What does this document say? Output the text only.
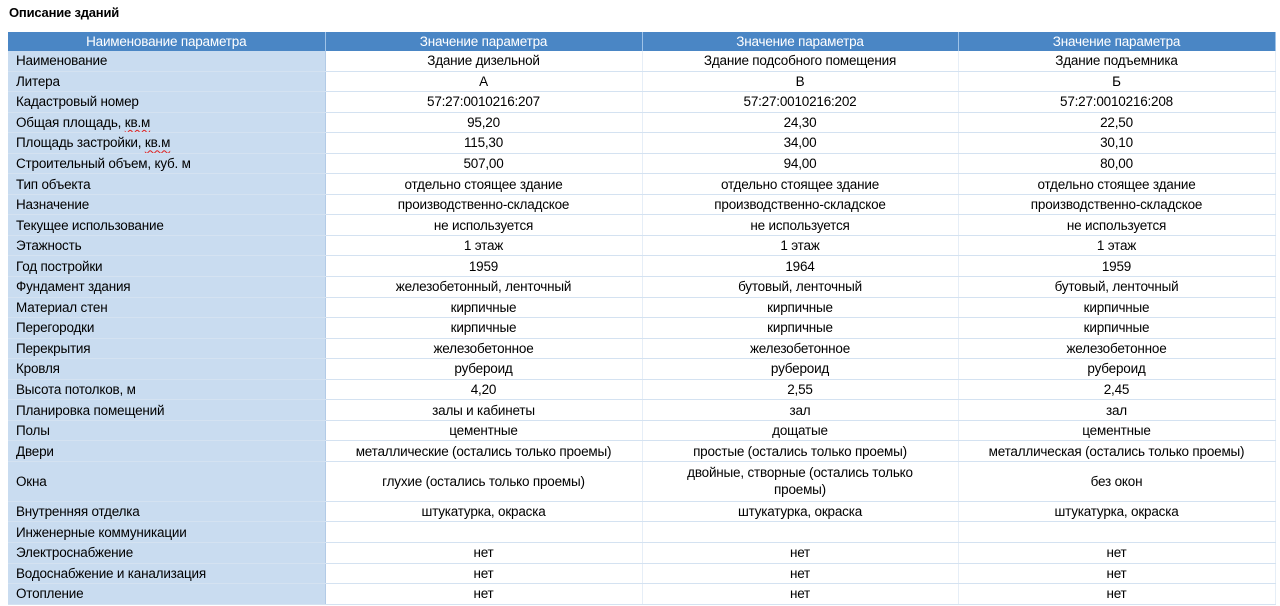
Описание зданий
Наименование параметра	Значение параметра	Значение параметра	Значение параметра
Наименование	Здание дизельной	Здание подсобного помещения	Здание подъемника
Литера	А	В	Б
Кадастровый номер	57:27:0010216:207	57:27:0010216:202	57:27:0010216:208
Общая площадь, кв.м	95,20	24,30	22,50
Площадь застройки, кв.м	115,30	34,00	30,10
Строительный объем, куб. м	507,00	94,00	80,00
Тип объекта	отдельно стоящее здание	отдельно стоящее здание	отдельно стоящее здание
Назначение	производственно-складское	производственно-складское	производственно-складское
Текущее использование	не используется	не используется	не используется
Этажность	1 этаж	1 этаж	1 этаж
Год постройки	1959	1964	1959
Фундамент здания	железобетонный, ленточный	бутовый, ленточный	бутовый, ленточный
Материал стен	кирпичные	кирпичные	кирпичные
Перегородки	кирпичные	кирпичные	кирпичные
Перекрытия	железобетонное	железобетонное	железобетонное
Кровля	рубероид	рубероид	рубероид
Высота потолков, м	4,20	2,55	2,45
Планировка помещений	залы и кабинеты	зал	зал
Полы	цементные	дощатые	цементные
Двери	металлические (остались только проемы)	простые (остались только проемы)	металлическая (остались только проемы)
Окна	глухие (остались только проемы)	двойные, створные (остались только проемы)	без окон
Внутренняя отделка	штукатурка, окраска	штукатурка, окраска	штукатурка, окраска
Инженерные коммуникации			
Электроснабжение	нет	нет	нет
Водоснабжение и канализация	нет	нет	нет
Отопление	нет	нет	нет
